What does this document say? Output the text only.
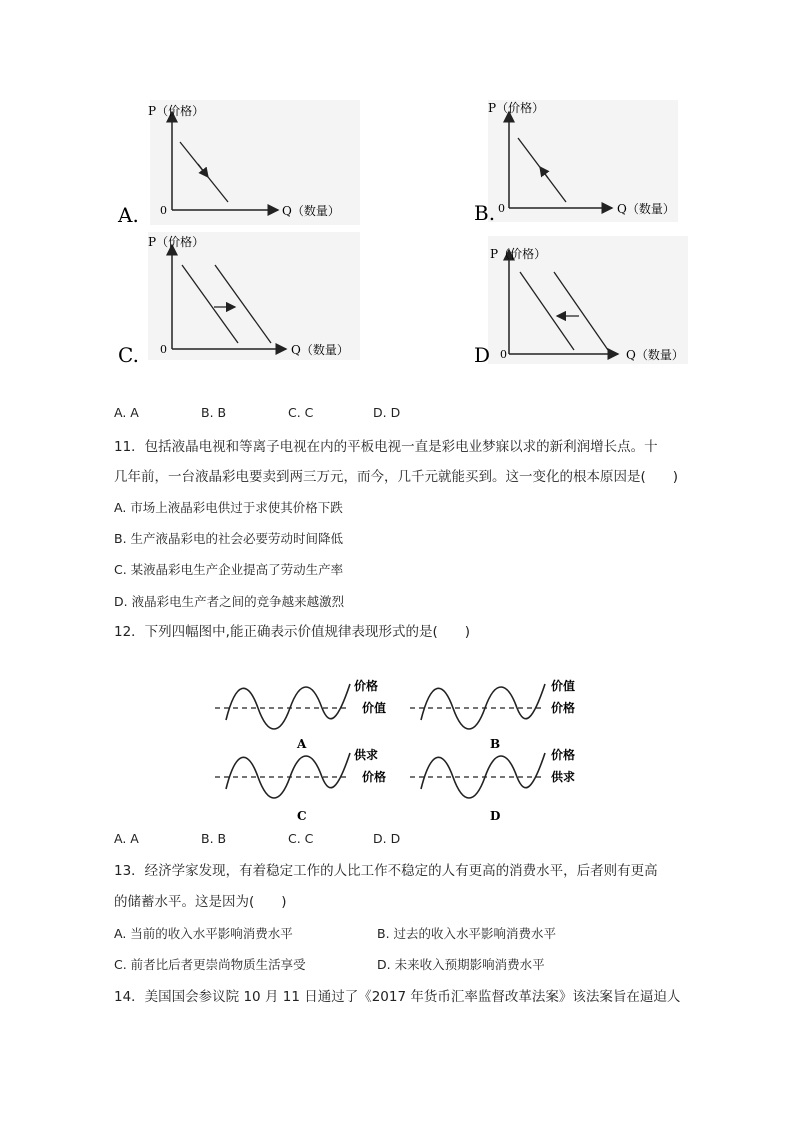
P（价格）
Q（数量）
0
A.
P（价格）
Q（数量）
0
B.
P（价格）
Q（数量）
0
C.
P（价格）
Q（数量）
0
D
A. A	B. B	C. C	D. D
11．包括液晶电视和等离子电视在内的平板电视一直是彩电业梦寐以求的新利润增长点。十
几年前，一台液晶彩电要卖到两三万元，而今，几千元就能买到。这一变化的根本原因是(　　)
A. 市场上液晶彩电供过于求使其价格下跌
B. 生产液晶彩电的社会必要劳动时间降低
C. 某液晶彩电生产企业提高了劳动生产率
D. 液晶彩电生产者之间的竞争越来越激烈
12．下列四幅图中,能正确表示价值规律表现形式的是(　　)
价格
价值
A
价值
价格
B
供求
价格
C
价格
供求
D
A. A	B. B	C. C	D. D
13．经济学家发现，有着稳定工作的人比工作不稳定的人有更高的消费水平，后者则有更高
的储蓄水平。这是因为(　　)
A. 当前的收入水平影响消费水平	B. 过去的收入水平影响消费水平
C. 前者比后者更崇尚物质生活享受	D. 未来收入预期影响消费水平
14．美国国会参议院 10 月 11 日通过了《2017 年货币汇率监督改革法案》该法案旨在逼迫人
